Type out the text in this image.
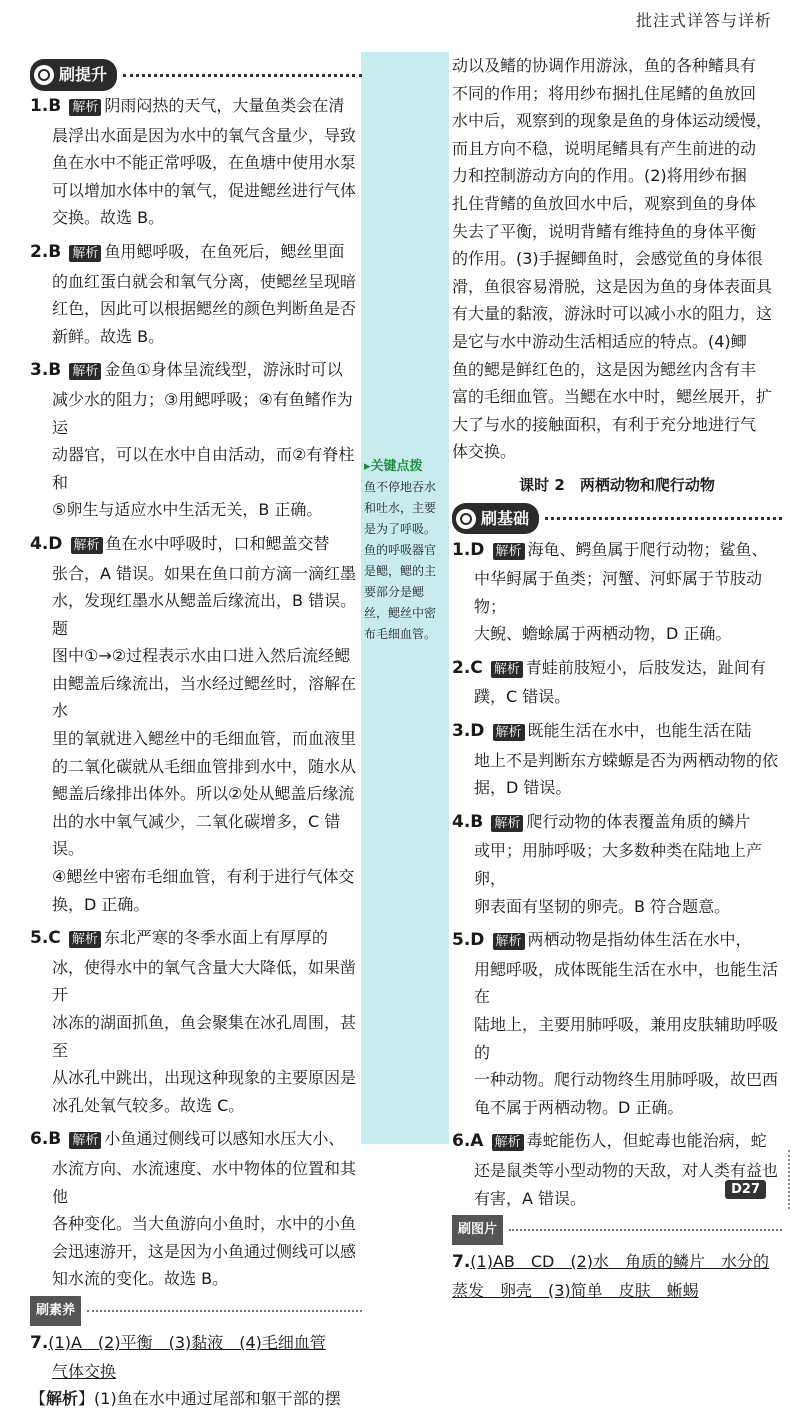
批注式详答与详析
刷提升
1.B 解析 阴雨闷热的天气，大量鱼类会在清
晨浮出水面是因为水中的氧气含量少，导致
鱼在水中不能正常呼吸，在鱼塘中使用水泵
可以增加水体中的氧气，促进鳃丝进行气体
交换。故选 B。
2.B 解析 鱼用鳃呼吸，在鱼死后，鳃丝里面
的血红蛋白就会和氧气分离，使鳃丝呈现暗
红色，因此可以根据鳃丝的颜色判断鱼是否
新鲜。故选 B。
3.B 解析 金鱼①身体呈流线型，游泳时可以
减少水的阻力；③用鳃呼吸；④有鱼鳍作为运
动器官，可以在水中自由活动，而②有脊柱和
⑤卵生与适应水中生活无关，B 正确。
4.D 解析 鱼在水中呼吸时，口和鳃盖交替
张合，A 错误。如果在鱼口前方滴一滴红墨
水，发现红墨水从鳃盖后缘流出，B 错误。题
图中①→②过程表示水由口进入然后流经鳃
由鳃盖后缘流出，当水经过鳃丝时，溶解在水
里的氧就进入鳃丝中的毛细血管，而血液里
的二氧化碳就从毛细血管排到水中，随水从
鳃盖后缘排出体外。所以②处从鳃盖后缘流
出的水中氧气减少，二氧化碳增多，C 错误。
④鳃丝中密布毛细血管，有利于进行气体交
换，D 正确。
5.C 解析 东北严寒的冬季水面上有厚厚的
冰，使得水中的氧气含量大大降低，如果凿开
冰冻的湖面抓鱼，鱼会聚集在冰孔周围，甚至
从冰孔中跳出，出现这种现象的主要原因是
冰孔处氧气较多。故选 C。
6.B 解析 小鱼通过侧线可以感知水压大小、
水流方向、水流速度、水中物体的位置和其他
各种变化。当大鱼游向小鱼时，水中的小鱼
会迅速游开，这是因为小鱼通过侧线可以感
知水流的变化。故选 B。
刷素养
7.(1)A　(2)平衡　(3)黏液　(4)毛细血管
气体交换
【解析】(1)鱼在水中通过尾部和躯干部的摆
▸关键点拨
鱼不停地吞水
和吐水，主要
是为了呼吸。
鱼的呼吸器官
是鳃，鳃的主
要部分是鳃
丝，鳃丝中密
布毛细血管。
动以及鳍的协调作用游泳，鱼的各种鳍具有
不同的作用；将用纱布捆扎住尾鳍的鱼放回
水中后，观察到的现象是鱼的身体运动缓慢，
而且方向不稳，说明尾鳍具有产生前进的动
力和控制游动方向的作用。(2)将用纱布捆
扎住背鳍的鱼放回水中后，观察到鱼的身体
失去了平衡，说明背鳍有维持鱼的身体平衡
的作用。(3)手握鲫鱼时，会感觉鱼的身体很
滑，鱼很容易滑脱，这是因为鱼的身体表面具
有大量的黏液，游泳时可以减小水的阻力，这
是它与水中游动生活相适应的特点。(4)鲫
鱼的鳃是鲜红色的，这是因为鳃丝内含有丰
富的毛细血管。当鳃在水中时，鳃丝展开，扩
大了与水的接触面积，有利于充分地进行气
体交换。
课时 2　两栖动物和爬行动物
刷基础
1.D 解析 海龟、鳄鱼属于爬行动物；鲨鱼、
中华鲟属于鱼类；河蟹、河虾属于节肢动物；
大鲵、蟾蜍属于两栖动物，D 正确。
2.C 解析 青蛙前肢短小，后肢发达，趾间有
蹼，C 错误。
3.D 解析 既能生活在水中，也能生活在陆
地上不是判断东方蝾螈是否为两栖动物的依
据，D 错误。
4.B 解析 爬行动物的体表覆盖角质的鳞片
或甲；用肺呼吸；大多数种类在陆地上产卵，
卵表面有坚韧的卵壳。B 符合题意。
5.D 解析 两栖动物是指幼体生活在水中，
用鳃呼吸，成体既能生活在水中，也能生活在
陆地上，主要用肺呼吸，兼用皮肤辅助呼吸的
一种动物。爬行动物终生用肺呼吸，故巴西
龟不属于两栖动物。D 正确。
6.A 解析 毒蛇能伤人，但蛇毒也能治病，蛇
还是鼠类等小型动物的天敌，对人类有益也
有害，A 错误。
刷图片
7.(1)AB　CD　(2)水　角质的鳞片　水分的
蒸发　卵壳　(3)简单　皮肤　蜥蜴
D27
